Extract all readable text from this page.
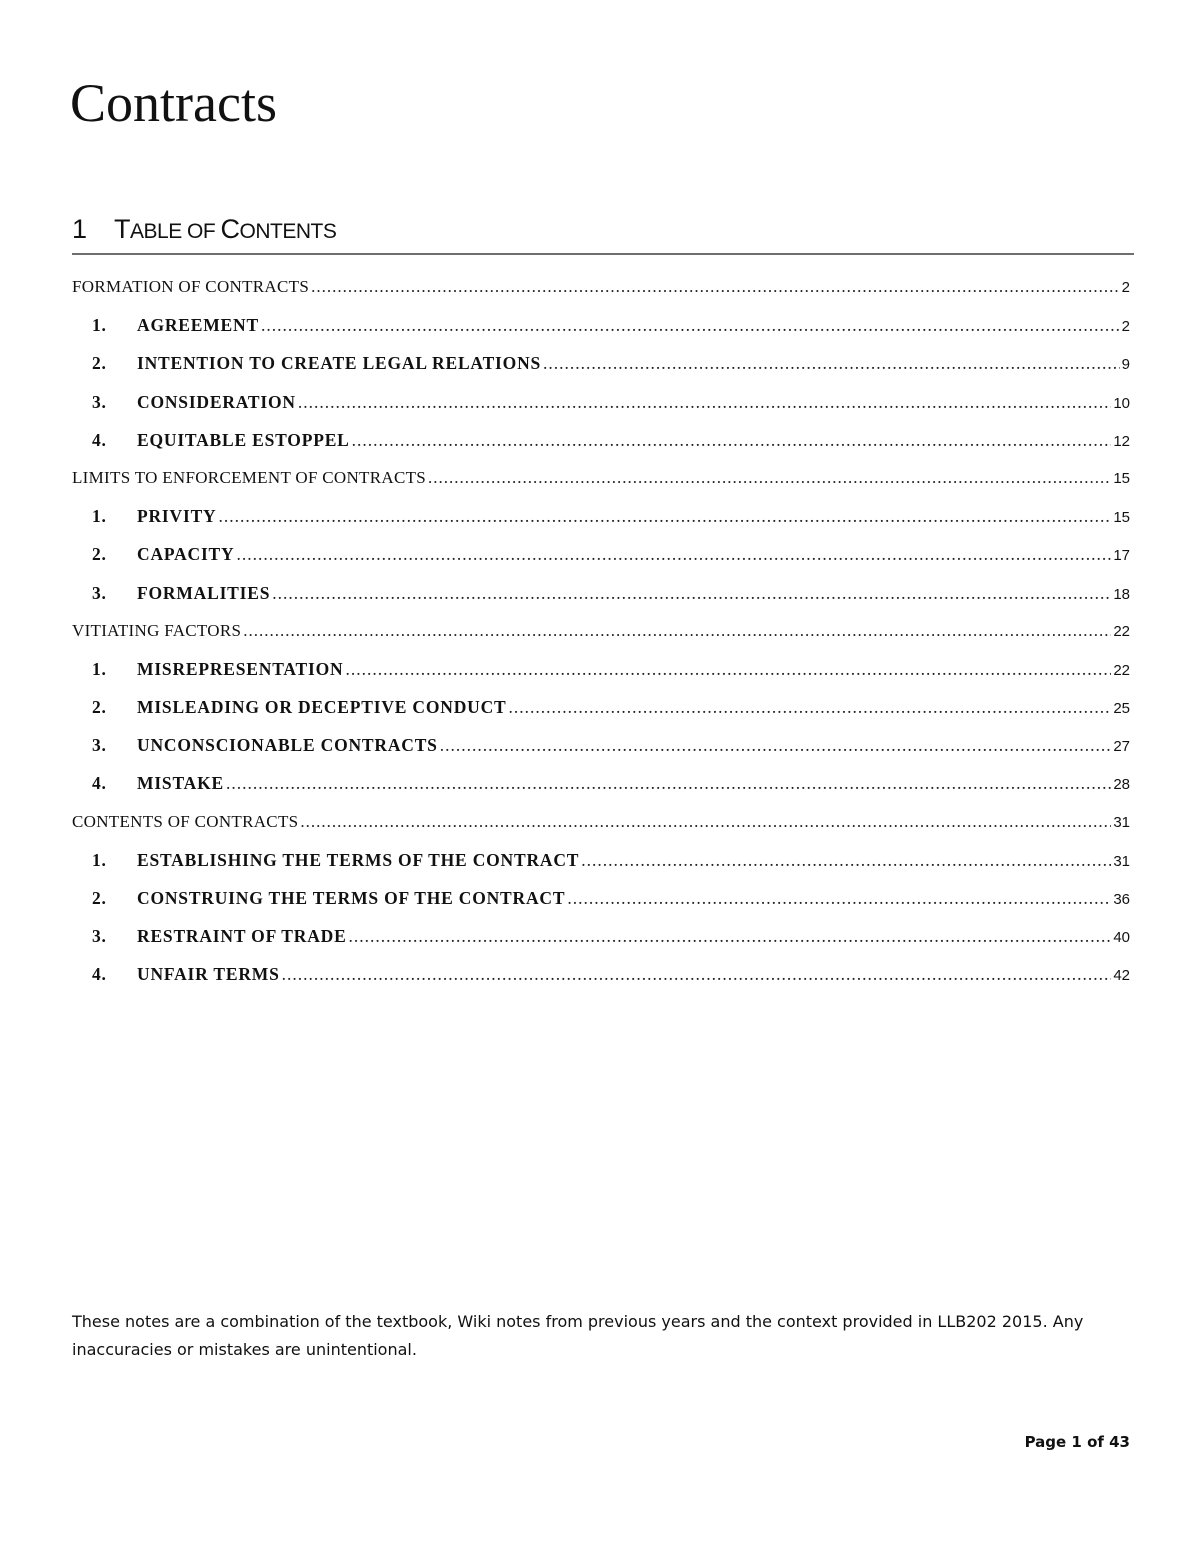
Contracts
1 TABLE OF CONTENTS
FORMATION OF CONTRACTS .....	2
1.	AGREEMENT .....	2
2.	INTENTION TO CREATE LEGAL RELATIONS .....	9
3.	CONSIDERATION .....	10
4.	EQUITABLE ESTOPPEL .....	12
LIMITS TO ENFORCEMENT OF CONTRACTS .....	15
1.	PRIVITY .....	15
2.	CAPACITY .....	17
3.	FORMALITIES .....	18
VITIATING FACTORS .....	22
1.	MISREPRESENTATION .....	22
2.	MISLEADING OR DECEPTIVE CONDUCT .....	25
3.	UNCONSCIONABLE CONTRACTS .....	27
4.	MISTAKE .....	28
CONTENTS OF CONTRACTS .....	31
1.	ESTABLISHING THE TERMS OF THE CONTRACT .....	31
2.	CONSTRUING THE TERMS OF THE CONTRACT .....	36
3.	RESTRAINT OF TRADE .....	40
4.	UNFAIR TERMS .....	42

These notes are a combination of the textbook, Wiki notes from previous years and the context provided in LLB202 2015. Any inaccuracies or mistakes are unintentional.

Page 1 of 43
